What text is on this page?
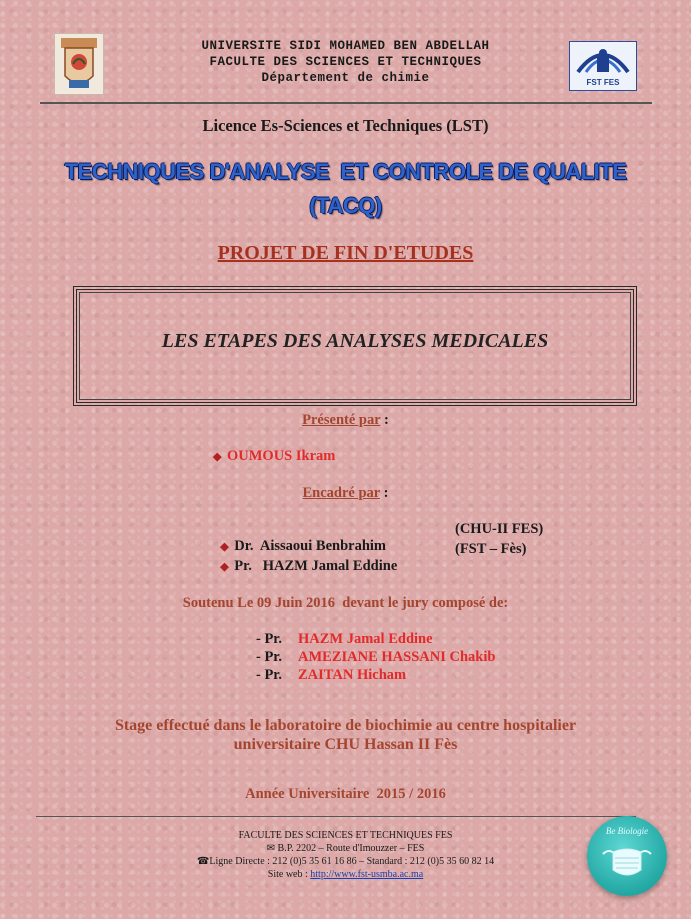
UNIVERSITE SIDI MOHAMED BEN ABDELLAH
FACULTE DES SCIENCES ET TECHNIQUES
Département de chimie	FST FES
Licence Es-Sciences et Techniques (LST)
TECHNIQUES D'ANALYSE  ET CONTROLE DE QUALITE
(TACQ)
PROJET DE FIN D'ETUDES
LES ETAPES DES ANALYSES MEDICALES
Présenté par :
◆ OUMOUS Ikram
Encadré par :

◆ Dr.  Aissaoui Benbrahim

(CHU-II FES)

◆ Pr.   HAZM Jamal Eddine

(FST – Fès)
Soutenu Le 09 Juin 2016  devant le jury composé de:
- Pr. HAZM Jamal Eddine
- Pr. AMEZIANE HASSANI Chakib
- Pr. ZAITAN Hicham
Stage effectué dans le laboratoire de biochimie au centre hospitalier
universitaire CHU Hassan II Fès
Année Universitaire  2015 / 2016
FACULTE DES SCIENCES ET TECHNIQUES FES
✉ B.P. 2202 – Route d'Imouzzer – FES
☎Ligne Directe : 212 (0)5 35 61 16 86 – Standard : 212 (0)5 35 60 82 14
Site web : http://www.fst-usmba.ac.ma
Be Biologie
